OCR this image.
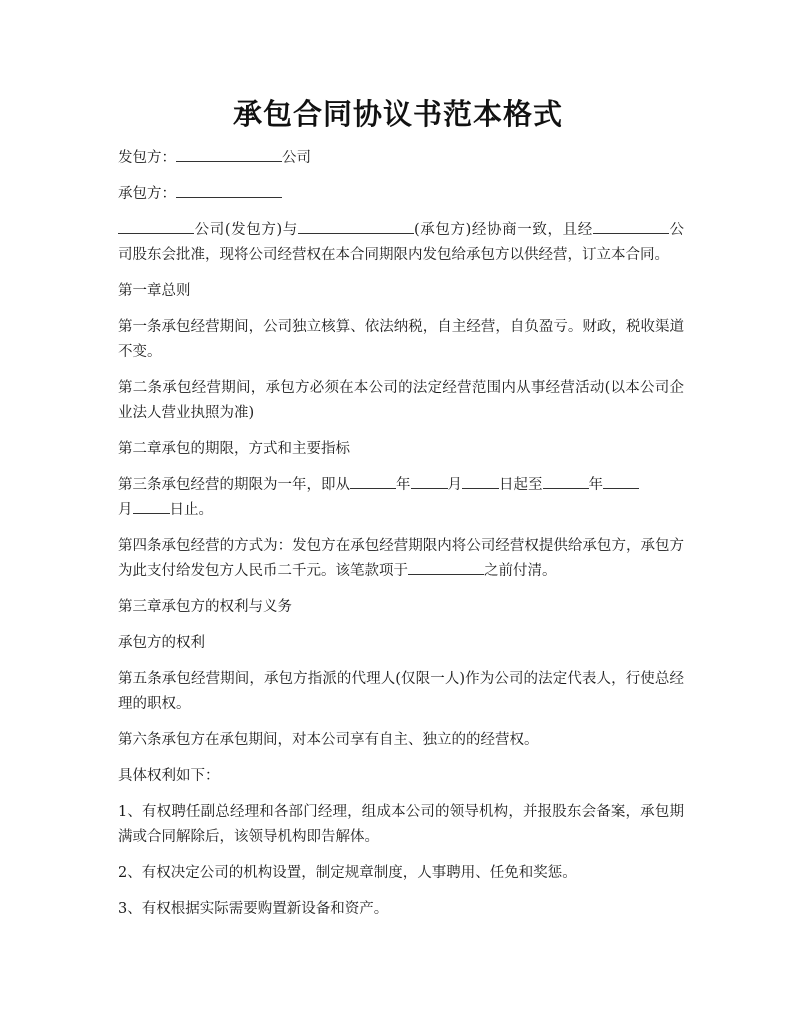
承包合同协议书范本格式

发包方：	公司

承包方：

公司(发包方)与	(承包方)经协商一致，且经	公司股东会批准，现将公司经营权在本合同期限内发包给承包方以供经营，订立本合同。

第一章总则

第一条承包经营期间，公司独立核算、依法纳税，自主经营，自负盈亏。财政，税收渠道不变。

第二条承包经营期间，承包方必须在本公司的法定经营范围内从事经营活动(以本公司企业法人营业执照为准)

第二章承包的期限，方式和主要指标

第三条承包经营的期限为一年，即从	年	月	日起至	年
月	日止。

第四条承包经营的方式为：发包方在承包经营期限内将公司经营权提供给承包方，承包方为此支付给发包方人民币二千元。该笔款项于	之前付清。

第三章承包方的权利与义务

承包方的权利

第五条承包经营期间，承包方指派的代理人(仅限一人)作为公司的法定代表人，行使总经理的职权。

第六条承包方在承包期间，对本公司享有自主、独立的的经营权。

具体权利如下：

1、有权聘任副总经理和各部门经理，组成本公司的领导机构，并报股东会备案，承包期满或合同解除后，该领导机构即告解体。

2、有权决定公司的机构设置，制定规章制度，人事聘用、任免和奖惩。

3、有权根据实际需要购置新设备和资产。
